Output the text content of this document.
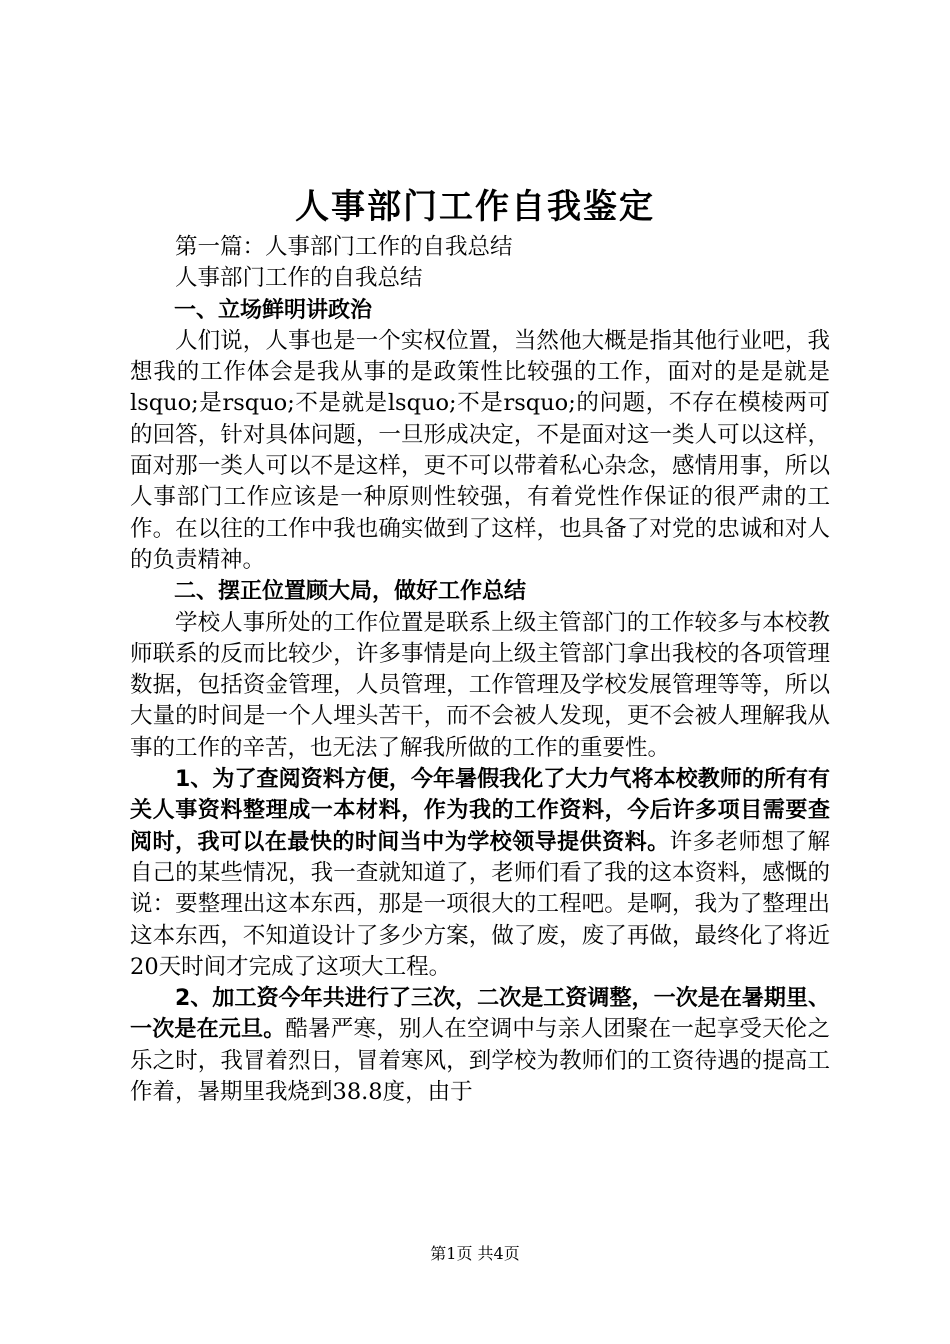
人事部门工作自我鉴定

第一篇：人事部门工作的自我总结

人事部门工作的自我总结

一、立场鲜明讲政治

人们说，人事也是一个实权位置，当然他大概是指其他行业吧，我想我的工作体会是我从事的是政策性比较强的工作，面对的是是就是lsquo;是rsquo;不是就是lsquo;不是rsquo;的问题，不存在模棱两可的回答，针对具体问题，一旦形成决定，不是面对这一类人可以这样，面对那一类人可以不是这样，更不可以带着私心杂念，感情用事，所以人事部门工作应该是一种原则性较强，有着党性作保证的很严肃的工作。在以往的工作中我也确实做到了这样，也具备了对党的忠诚和对人的负责精神。

二、摆正位置顾大局，做好工作总结

学校人事所处的工作位置是联系上级主管部门的工作较多与本校教师联系的反而比较少，许多事情是向上级主管部门拿出我校的各项管理数据，包括资金管理，人员管理，工作管理及学校发展管理等等，所以大量的时间是一个人埋头苦干，而不会被人发现，更不会被人理解我从事的工作的辛苦，也无法了解我所做的工作的重要性。

1、为了查阅资料方便，今年暑假我化了大力气将本校教师的所有有关人事资料整理成一本材料，作为我的工作资料，今后许多项目需要查阅时，我可以在最快的时间当中为学校领导提供资料。许多老师想了解自己的某些情况，我一查就知道了，老师们看了我的这本资料，感慨的说：要整理出这本东西，那是一项很大的工程吧。是啊，我为了整理出这本东西，不知道设计了多少方案，做了废，废了再做，最终化了将近20天时间才完成了这项大工程。

2、加工资今年共进行了三次，二次是工资调整，一次是在暑期里、一次是在元旦。酷暑严寒，别人在空调中与亲人团聚在一起享受天伦之乐之时，我冒着烈日，冒着寒风，到学校为教师们的工资待遇的提高工作着，暑期里我烧到38.8度，由于

第1页 共4页
